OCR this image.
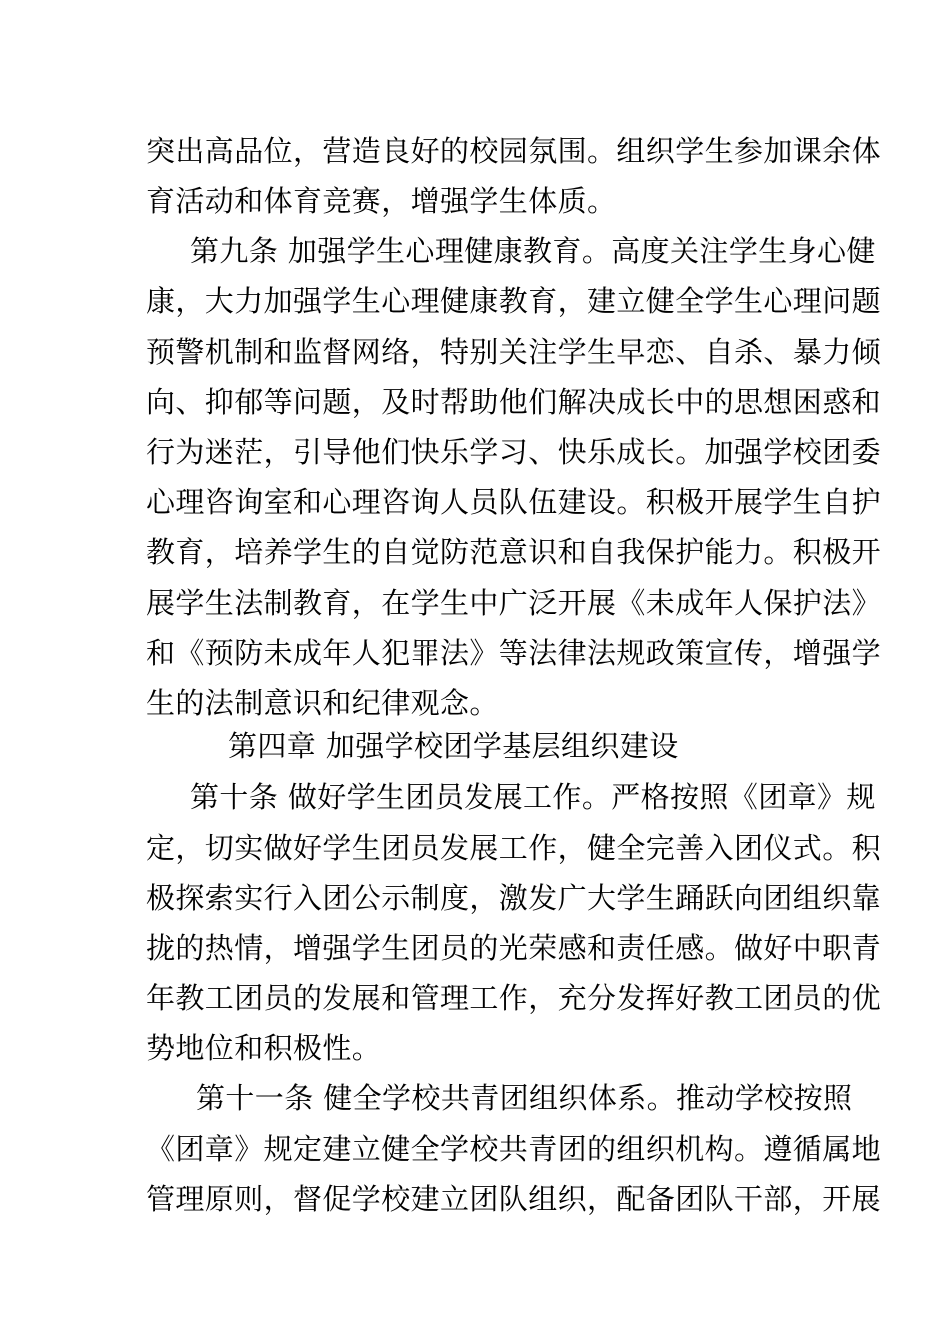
突出高品位，营造良好的校园氛围。组织学生参加课余体
育活动和体育竞赛，增强学生体质。
第九条 加强学生心理健康教育。高度关注学生身心健
康，大力加强学生心理健康教育，建立健全学生心理问题
预警机制和监督网络，特别关注学生早恋、自杀、暴力倾
向、抑郁等问题，及时帮助他们解决成长中的思想困惑和
行为迷茫，引导他们快乐学习、快乐成长。加强学校团委
心理咨询室和心理咨询人员队伍建设。积极开展学生自护
教育，培养学生的自觉防范意识和自我保护能力。积极开
展学生法制教育，在学生中广泛开展《未成年人保护法》
和《预防未成年人犯罪法》等法律法规政策宣传，增强学
生的法制意识和纪律观念。
第四章 加强学校团学基层组织建设
第十条 做好学生团员发展工作。严格按照《团章》规
定，切实做好学生团员发展工作，健全完善入团仪式。积
极探索实行入团公示制度，激发广大学生踊跃向团组织靠
拢的热情，增强学生团员的光荣感和责任感。做好中职青
年教工团员的发展和管理工作，充分发挥好教工团员的优
势地位和积极性。
第十一条 健全学校共青团组织体系。推动学校按照
《团章》规定建立健全学校共青团的组织机构。遵循属地
管理原则，督促学校建立团队组织，配备团队干部，开展
